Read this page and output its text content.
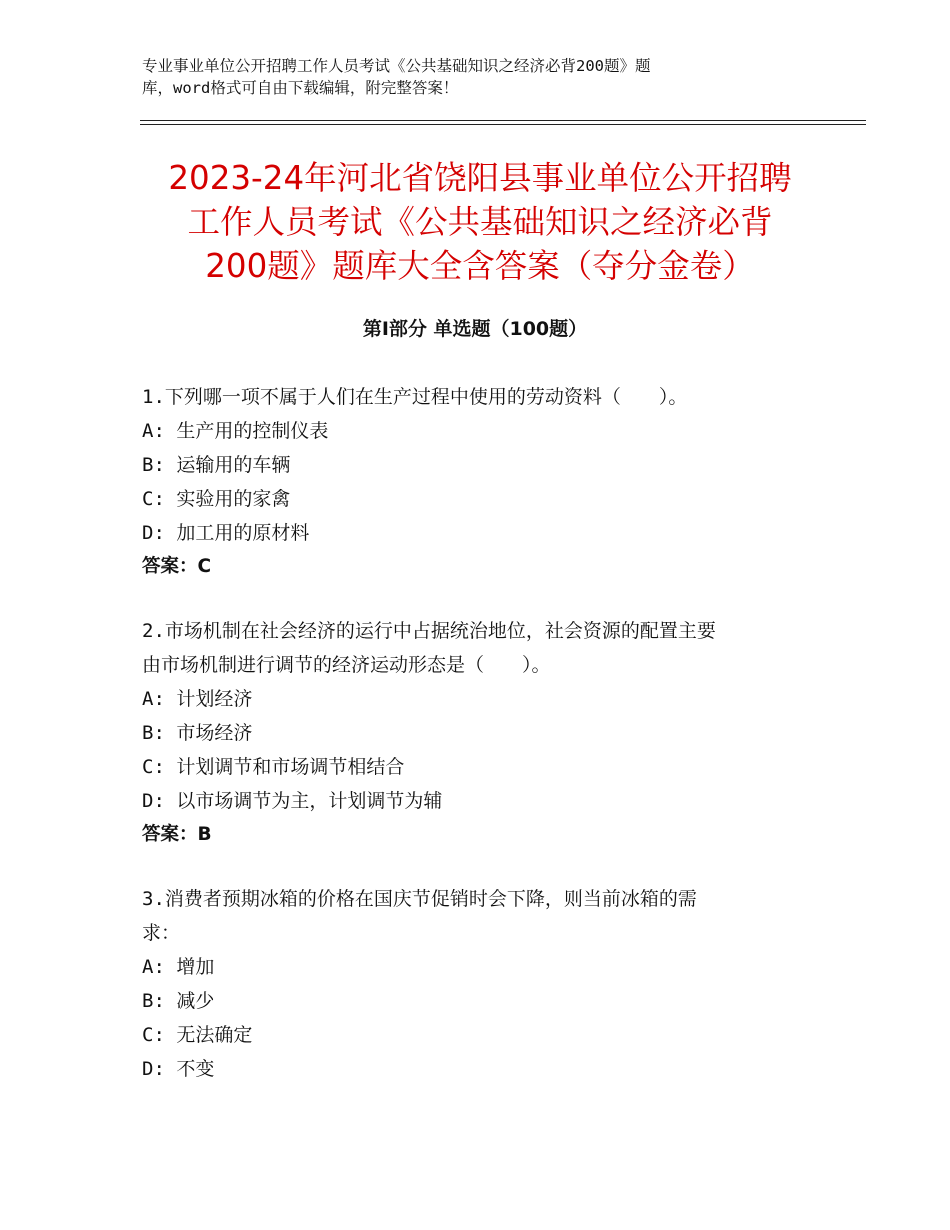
专业事业单位公开招聘工作人员考试《公共基础知识之经济必背200题》题
库，word格式可自由下载编辑，附完整答案！
2023-24年河北省饶阳县事业单位公开招聘
工作人员考试《公共基础知识之经济必背
200题》题库大全含答案（夺分金卷）
第Ⅰ部分 单选题（100题）
1.下列哪一项不属于人们在生产过程中使用的劳动资料（　　）。
A: 生产用的控制仪表
B: 运输用的车辆
C: 实验用的家禽
D: 加工用的原材料
答案：C
2.市场机制在社会经济的运行中占据统治地位，社会资源的配置主要
由市场机制进行调节的经济运动形态是（　　）。
A: 计划经济
B: 市场经济
C: 计划调节和市场调节相结合
D: 以市场调节为主，计划调节为辅
答案：B
3.消费者预期冰箱的价格在国庆节促销时会下降，则当前冰箱的需
求：
A: 增加
B: 减少
C: 无法确定
D: 不变
